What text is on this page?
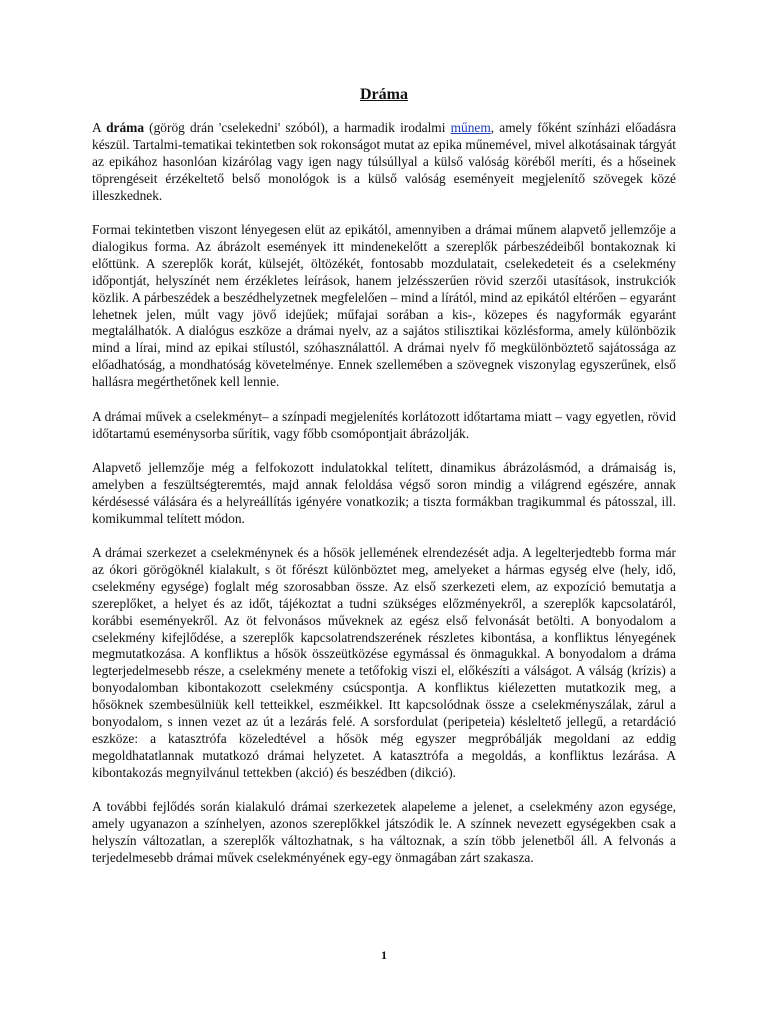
Dráma

A dráma (görög drán 'cselekedni' szóból), a harmadik irodalmi műnem, amely főként színházi előadásra készül. Tartalmi-tematikai tekintetben sok rokonságot mutat az epika műnemével, mivel alkotásainak tárgyát az epikához hasonlóan kizárólag vagy igen nagy túlsúllyal a külső valóság köréből meríti, és a hőseinek töprengéseit érzékeltető belső monológok is a külső valóság eseményeit megjelenítő szövegek közé illeszkednek.

Formai tekintetben viszont lényegesen elüt az epikától, amennyiben a drámai műnem alapvető jellemzője a dialogikus forma. Az ábrázolt események itt mindenekelőtt a szereplők párbeszédeiből bontakoznak ki előttünk. A szereplők korát, külsejét, öltözékét, fontosabb mozdulatait, cselekedeteit és a cselekmény időpontját, helyszínét nem érzékletes leírások, hanem jelzésszerűen rövid szerzői utasítások, instrukciók közlik. A párbeszédek a beszédhelyzetnek megfelelően – mind a lírától, mind az epikától eltérően – egyaránt lehetnek jelen, múlt vagy jövő idejűek; műfajai sorában a kis-, közepes és nagyformák egyaránt megtalálhatók. A dialógus eszköze a drámai nyelv, az a sajátos stilisztikai közlésforma, amely különbözik mind a lírai, mind az epikai stílustól, szóhasználattól. A drámai nyelv fő megkülönböztető sajátossága az előadhatóság, a mondhatóság követelménye. Ennek szellemében a szövegnek viszonylag egyszerűnek, első hallásra megérthetőnek kell lennie.

A drámai művek a cselekményt– a színpadi megjelenítés korlátozott időtartama miatt – vagy egyetlen, rövid időtartamú eseménysorba sűrítik, vagy főbb csomópontjait ábrázolják.

Alapvető jellemzője még a felfokozott indulatokkal telített, dinamikus ábrázolásmód, a drámaiság is, amelyben a feszültségteremtés, majd annak feloldása végső soron mindig a világrend egészére, annak kérdésessé válására és a helyreállítás igényére vonatkozik; a tiszta formákban tragikummal és pátosszal, ill. komikummal telített módon.

A drámai szerkezet a cselekménynek és a hősök jellemének elrendezését adja. A legelterjedtebb forma már az ókori görögöknél kialakult, s öt főrészt különböztet meg, amelyeket a hármas egység elve (hely, idő, cselekmény egysége) foglalt még szorosabban össze. Az első szerkezeti elem, az expozíció bemutatja a szereplőket, a helyet és az időt, tájékoztat a tudni szükséges előzményekről, a szereplők kapcsolatáról, korábbi eseményekről. Az öt felvonásos műveknek az egész első felvonását betölti. A bonyodalom a cselekmény kifejlődése, a szereplők kapcsolatrendszerének részletes kibontása, a konfliktus lényegének megmutatkozása. A konfliktus a hősök összeütközése egymással és önmagukkal. A bonyodalom a dráma legterjedelmesebb része, a cselekmény menete a tetőfokig viszi el, előkészíti a válságot. A válság (krízis) a bonyodalomban kibontakozott cselekmény csúcspontja. A konfliktus kiélezetten mutatkozik meg, a hősöknek szembesülniük kell tetteikkel, eszméikkel. Itt kapcsolódnak össze a cselekményszálak, zárul a bonyodalom, s innen vezet az út a lezárás felé. A sorsfordulat (peripeteia) késleltető jellegű, a retardáció eszköze: a katasztrófa közeledtével a hősök még egyszer megpróbálják megoldani az eddig megoldhatatlannak mutatkozó drámai helyzetet. A katasztrófa a megoldás, a konfliktus lezárása. A kibontakozás megnyilvánul tettekben (akció) és beszédben (dikció).

A további fejlődés során kialakuló drámai szerkezetek alapeleme a jelenet, a cselekmény azon egysége, amely ugyanazon a színhelyen, azonos szereplőkkel játszódik le. A színnek nevezett egységekben csak a helyszín változatlan, a szereplők változhatnak, s ha változnak, a szín több jelenetből áll. A felvonás a terjedelmesebb drámai művek cselekményének egy-egy önmagában zárt szakasza.

1
